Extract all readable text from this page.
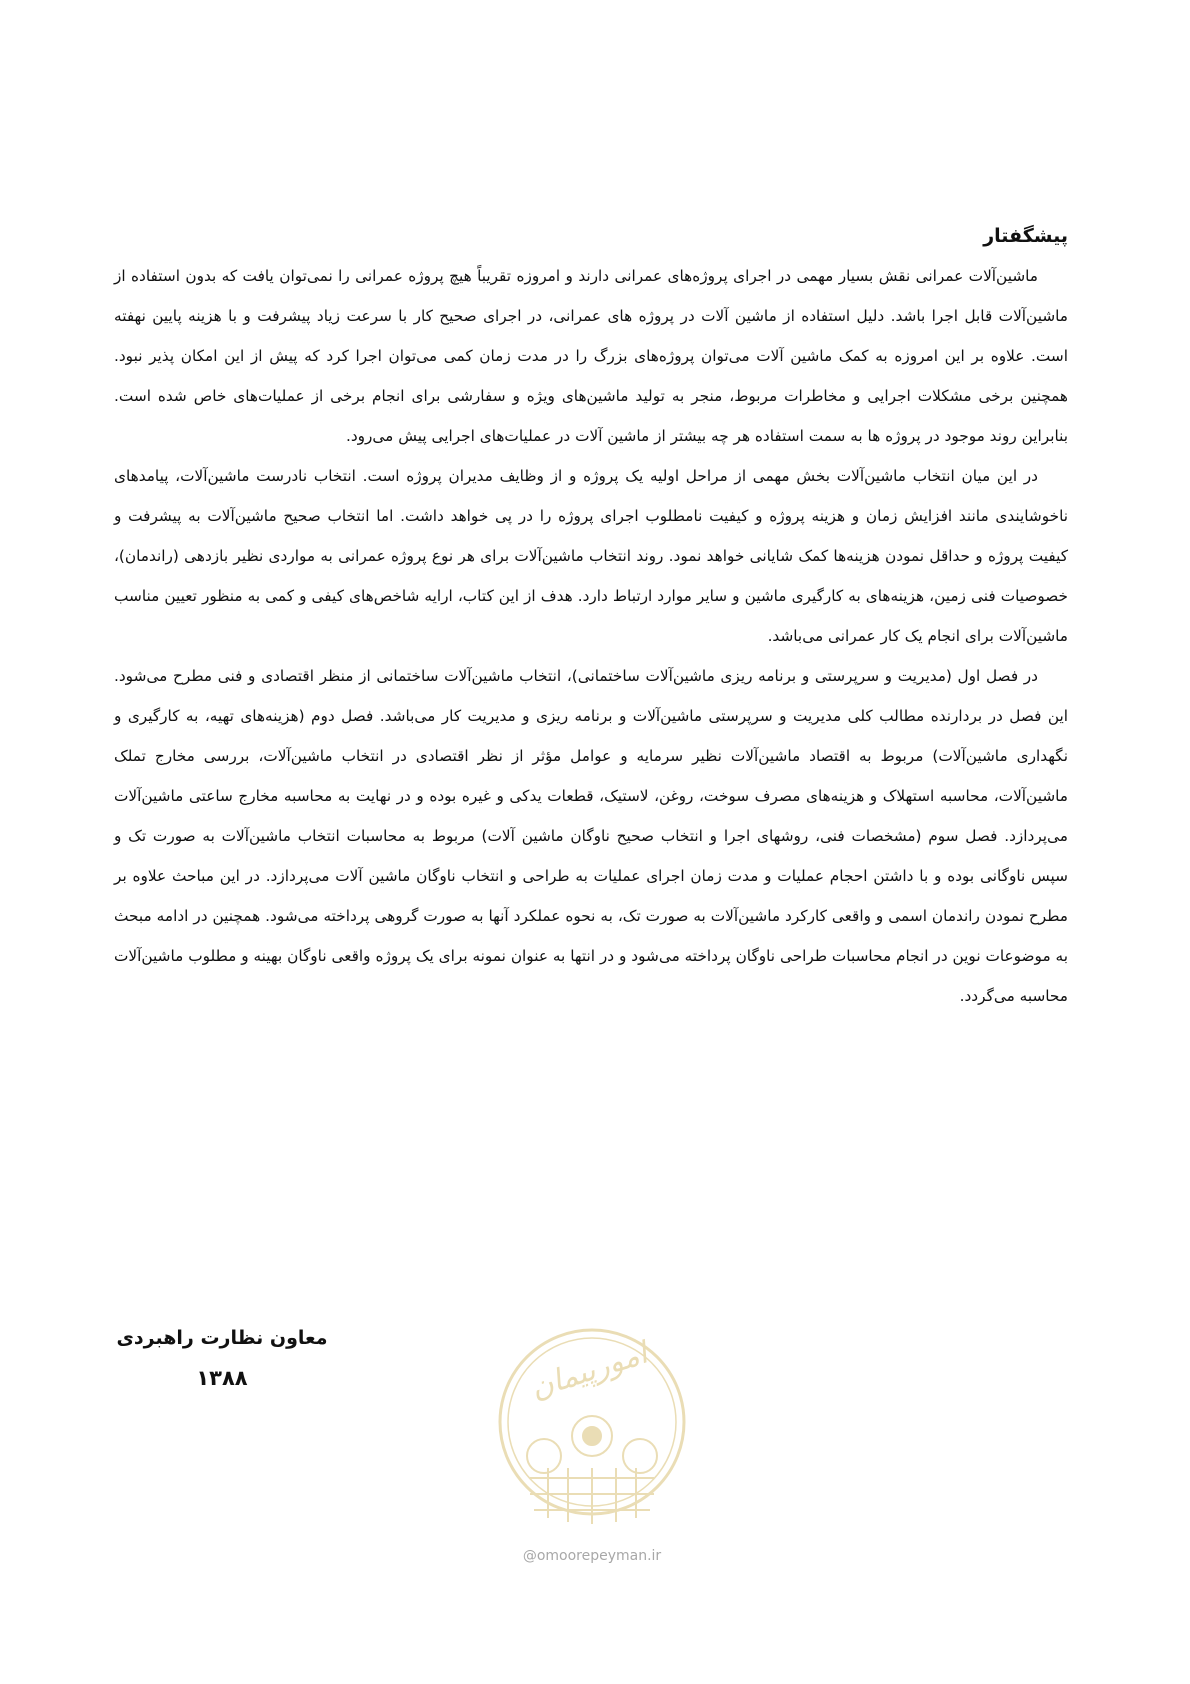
پیشگفتار

ماشین‌آلات عمرانی نقش بسیار مهمی در اجرای پروژه‌های عمرانی دارند و امروزه تقریباً هیچ پروژه عمرانی را نمی‌توان یافت که بدون استفاده از ماشین‌آلات قابل اجرا باشد. دلیل استفاده از ماشین آلات در پروژه های عمرانی، در اجرای صحیح کار با سرعت زیاد پیشرفت و با هزینه پایین نهفته است. علاوه بر این امروزه به کمک ماشین آلات می‌توان پروژه‌های بزرگ را در مدت زمان کمی می‌توان اجرا کرد که پیش از این امکان پذیر نبود. همچنین برخی مشکلات اجرایی و مخاطرات مربوط، منجر به تولید ماشین‌های ویژه و سفارشی برای انجام برخی از عملیات‌های خاص شده است. بنابراین روند موجود در پروژه ها به سمت استفاده هر چه بیشتر از ماشین آلات در عملیات‌های اجرایی پیش می‌رود.

در این میان انتخاب ماشین‌آلات بخش مهمی از مراحل اولیه یک پروژه و از وظایف مدیران پروژه است. انتخاب نادرست ماشین‌آلات، پیامدهای ناخوشایندی مانند افزایش زمان و هزینه پروژه و کیفیت نامطلوب اجرای پروژه را در پی خواهد داشت. اما انتخاب صحیح ماشین‌آلات به پیشرفت و کیفیت پروژه و حداقل نمودن هزینه‌ها کمک شایانی خواهد نمود. روند انتخاب ماشین‌آلات برای هر نوع پروژه عمرانی به مواردی نظیر بازدهی (راندمان)، خصوصیات فنی زمین، هزینه‌های به کارگیری ماشین و سایر موارد ارتباط دارد. هدف از این کتاب، ارایه شاخص‌های کیفی و کمی به منظور تعیین مناسب ماشین‌آلات برای انجام یک کار عمرانی می‌باشد.

در فصل اول (مدیریت و سرپرستی و برنامه ریزی ماشین‌آلات ساختمانی)، انتخاب ماشین‌آلات ساختمانی از منظر اقتصادی و فنی مطرح می‌شود. این فصل در بردارنده مطالب کلی مدیریت و سرپرستی ماشین‌آلات و برنامه ریزی و مدیریت کار می‌باشد. فصل دوم (هزینه‌های تهیه، به کارگیری و نگهداری ماشین‌آلات) مربوط به اقتصاد ماشین‌آلات نظیر سرمایه و عوامل مؤثر از نظر اقتصادی در انتخاب ماشین‌آلات، بررسی مخارج تملک ماشین‌آلات، محاسبه استهلاک و هزینه‌های مصرف سوخت، روغن، لاستیک، قطعات یدکی و غیره بوده و در نهایت به محاسبه مخارج ساعتی ماشین‌آلات می‌پردازد. فصل سوم (مشخصات فنی، روشهای اجرا و انتخاب صحیح ناوگان ماشین آلات) مربوط به محاسبات انتخاب ماشین‌آلات به صورت تک و سپس ناوگانی بوده و با داشتن احجام عملیات و مدت زمان اجرای عملیات به طراحی و انتخاب ناوگان ماشین آلات می‌پردازد. در این مباحث علاوه بر مطرح نمودن راندمان اسمی و واقعی کارکرد ماشین‌آلات به صورت تک، به نحوه عملکرد آنها به صورت گروهی پرداخته می‌شود. همچنین در ادامه مبحث به موضوعات نوین در انجام محاسبات طراحی ناوگان پرداخته می‌شود و در انتها به عنوان نمونه برای یک پروژه واقعی ناوگان بهینه و مطلوب ماشین‌آلات محاسبه می‌گردد.

معاون نظارت راهبردی
۱۳۸۸	امورپیمان
@omoorepeyman.ir
